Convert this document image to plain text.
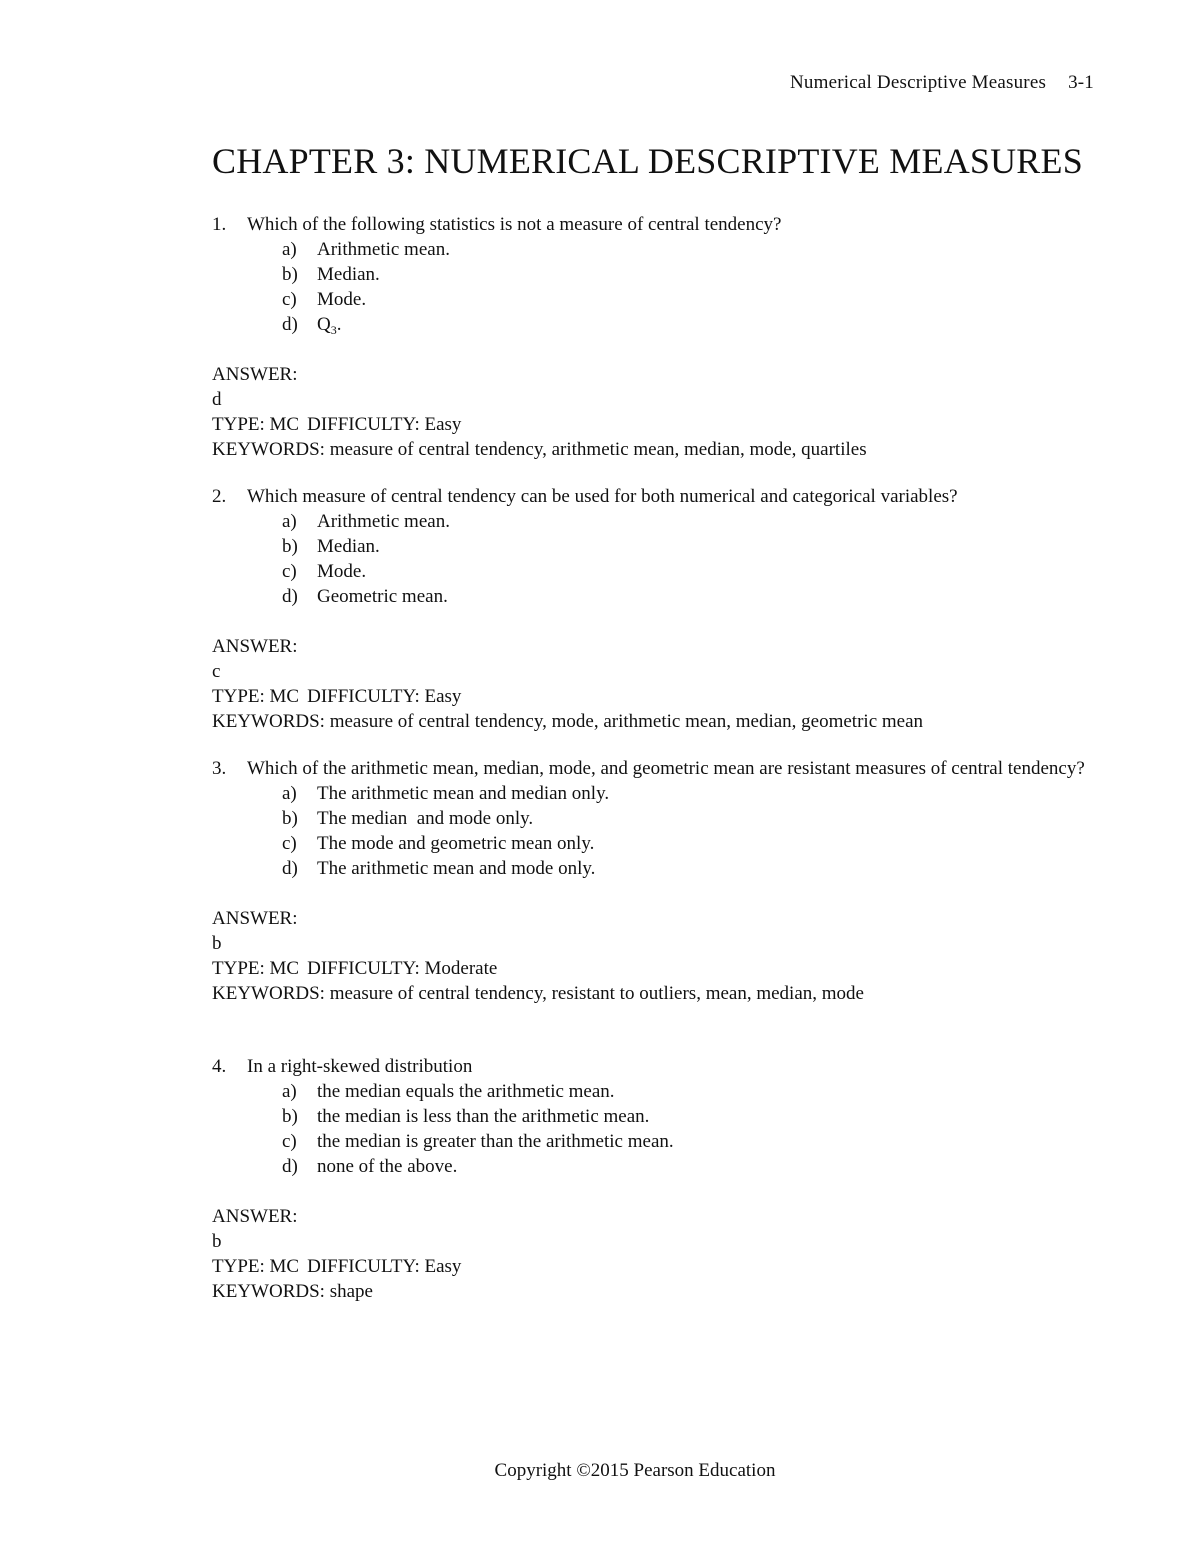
Numerical Descriptive Measures 3-1
CHAPTER 3: NUMERICAL DESCRIPTIVE MEASURES
1. Which of the following statistics is not a measure of central tendency?
a) Arithmetic mean.
b) Median.
c) Mode.
d) $Q_3$.
ANSWER:
d
TYPE: MC DIFFICULTY: Easy
KEYWORDS: measure of central tendency, arithmetic mean, median, mode, quartiles
2. Which measure of central tendency can be used for both numerical and categorical variables?
a) Arithmetic mean.
b) Median.
c) Mode.
d) Geometric mean.
ANSWER:
c
TYPE: MC DIFFICULTY: Easy
KEYWORDS: measure of central tendency, mode, arithmetic mean, median, geometric mean
3. Which of the arithmetic mean, median, mode, and geometric mean are resistant measures of central tendency?
a) The arithmetic mean and median only.
b) The median  and mode only.
c) The mode and geometric mean only.
d) The arithmetic mean and mode only.
ANSWER:
b
TYPE: MC DIFFICULTY: Moderate
KEYWORDS: measure of central tendency, resistant to outliers, mean, median, mode
4. In a right-skewed distribution
a) the median equals the arithmetic mean.
b) the median is less than the arithmetic mean.
c) the median is greater than the arithmetic mean.
d) none of the above.
ANSWER:
b
TYPE: MC DIFFICULTY: Easy
KEYWORDS: shape
Copyright ©2015 Pearson Education
